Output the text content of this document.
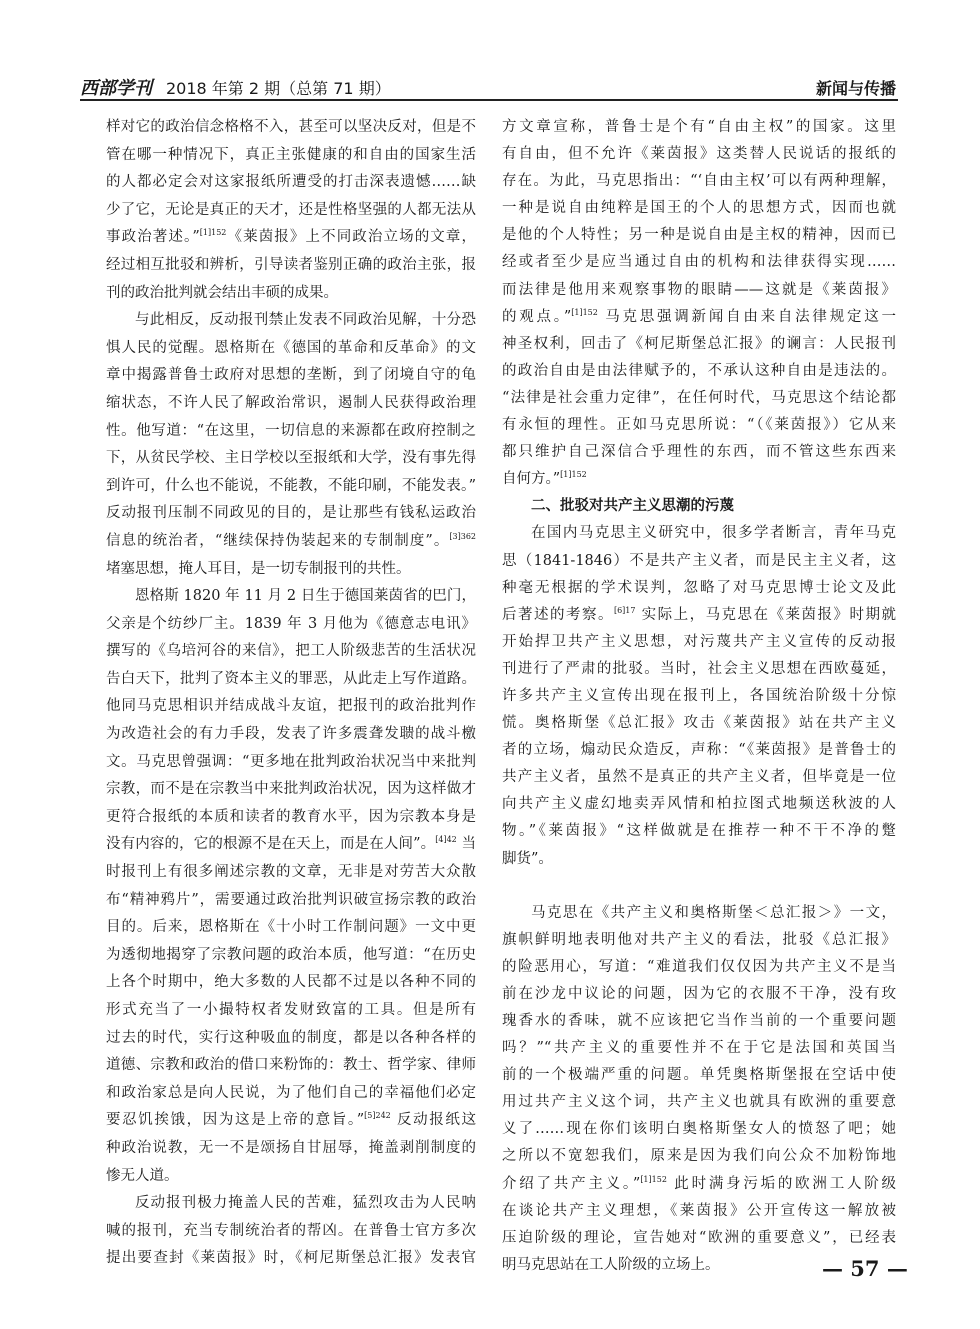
西部学刊 2018 年第 2 期（总第 71 期）	新闻与传播
样对它的政治信念格格不入，甚至可以坚决反对，但是不
管在哪一种情况下，真正主张健康的和自由的国家生活
的人都必定会对这家报纸所遭受的打击深表遗憾……缺
少了它，无论是真正的天才，还是性格坚强的人都无法从
事政治著述。”$^{[1]152}$《莱茵报》上不同政治立场的文章，
经过相互批驳和辨析，引导读者鉴别正确的政治主张，报
刊的政治批判就会结出丰硕的成果。
与此相反，反动报刊禁止发表不同政治见解，十分恐
惧人民的觉醒。恩格斯在《德国的革命和反革命》的文
章中揭露普鲁士政府对思想的垄断，到了闭境自守的龟
缩状态，不许人民了解政治常识，遏制人民获得政治理
性。他写道：“在这里，一切信息的来源都在政府控制之
下，从贫民学校、主日学校以至报纸和大学，没有事先得
到许可，什么也不能说，不能教，不能印刷，不能发表。”
反动报刊压制不同政见的目的，是让那些有钱私运政治
信息的统治者，“继续保持伪装起来的专制制度”。$^{[3]362}$
堵塞思想，掩人耳目，是一切专制报刊的共性。
恩格斯 1820 年 11 月 2 日生于德国莱茵省的巴门，
父亲是个纺纱厂主。1839 年 3 月他为《德意志电讯》
撰写的《乌培河谷的来信》，把工人阶级悲苦的生活状况
告白天下，批判了资本主义的罪恶，从此走上写作道路。
他同马克思相识并结成战斗友谊，把报刊的政治批判作
为改造社会的有力手段，发表了许多震聋发聩的战斗檄
文。马克思曾强调：“更多地在批判政治状况当中来批判
宗教，而不是在宗教当中来批判政治状况，因为这样做才
更符合报纸的本质和读者的教育水平，因为宗教本身是
没有内容的，它的根源不是在天上，而是在人间”。$^{[4]42}$ 当
时报刊上有很多阐述宗教的文章，无非是对劳苦大众散
布“精神鸦片”，需要通过政治批判识破宣扬宗教的政治
目的。后来，恩格斯在《十小时工作制问题》一文中更
为透彻地揭穿了宗教问题的政治本质，他写道：“在历史
上各个时期中，绝大多数的人民都不过是以各种不同的
形式充当了一小撮特权者发财致富的工具。但是所有
过去的时代，实行这种吸血的制度，都是以各种各样的
道德、宗教和政治的借口来粉饰的：教士、哲学家、律师
和政治家总是向人民说，为了他们自己的幸福他们必定
要忍饥挨饿，因为这是上帝的意旨。”$^{[5]242}$ 反动报纸这
种政治说教，无一不是颂扬自甘屈辱，掩盖剥削制度的
惨无人道。
反动报刊极力掩盖人民的苦难，猛烈攻击为人民呐
喊的报刊，充当专制统治者的帮凶。在普鲁士官方多次
提出要查封《莱茵报》时，《柯尼斯堡总汇报》发表官
方文章宣称，普鲁士是个有“自由主权”的国家。这里
有自由，但不允许《莱茵报》这类替人民说话的报纸的
存在。为此，马克思指出：“‘自由主权’可以有两种理解，
一种是说自由纯粹是国王的个人的思想方式，因而也就
是他的个人特性；另一种是说自由是主权的精神，因而已
经或者至少是应当通过自由的机构和法律获得实现……
而法律是他用来观察事物的眼睛——这就是《莱茵报》
的观点。”$^{[1]152}$ 马克思强调新闻自由来自法律规定这一
神圣权利，回击了《柯尼斯堡总汇报》的谰言：人民报刊
的政治自由是由法律赋予的，不承认这种自由是违法的。
“法律是社会重力定律”，在任何时代，马克思这个结论都
有永恒的理性。正如马克思所说：“（《莱茵报》）它从来
都只维护自己深信合乎理性的东西，而不管这些东西来
自何方。”$^{[1]152}$
二、批驳对共产主义思潮的污蔑
在国内马克思主义研究中，很多学者断言，青年马克
思（1841-1846）不是共产主义者，而是民主主义者，这
种毫无根据的学术误判，忽略了对马克思博士论文及此
后著述的考察。$^{[6]17}$ 实际上，马克思在《莱茵报》时期就
开始捍卫共产主义思想，对污蔑共产主义宣传的反动报
刊进行了严肃的批驳。当时，社会主义思想在西欧蔓延，
许多共产主义宣传出现在报刊上，各国统治阶级十分惊
慌。奥格斯堡《总汇报》攻击《莱茵报》站在共产主义
者的立场，煽动民众造反，声称：“《莱茵报》是普鲁士的
共产主义者，虽然不是真正的共产主义者，但毕竟是一位
向共产主义虚幻地卖弄风情和柏拉图式地频送秋波的人
物。”《莱茵报》“这样做就是在推荐一种不干不净的蹩
脚货”。
马克思在《共产主义和奥格斯堡＜总汇报＞》一文，
旗帜鲜明地表明他对共产主义的看法，批驳《总汇报》
的险恶用心，写道：“难道我们仅仅因为共产主义不是当
前在沙龙中议论的问题，因为它的衣服不干净，没有玫
瑰香水的香味，就不应该把它当作当前的一个重要问题
吗？”“共产主义的重要性并不在于它是法国和英国当
前的一个极端严重的问题。单凭奥格斯堡报在空话中使
用过共产主义这个词，共产主义也就具有欧洲的重要意
义了……现在你们该明白奥格斯堡女人的愤怒了吧；她
之所以不宽恕我们，原来是因为我们向公众不加粉饰地
介绍了共产主义。”$^{[1]152}$ 此时满身污垢的欧洲工人阶级
在谈论共产主义理想，《莱茵报》公开宣传这一解放被
压迫阶级的理论，宣告她对“欧洲的重要意义”，已经表
明马克思站在工人阶级的立场上。	— 57 —
